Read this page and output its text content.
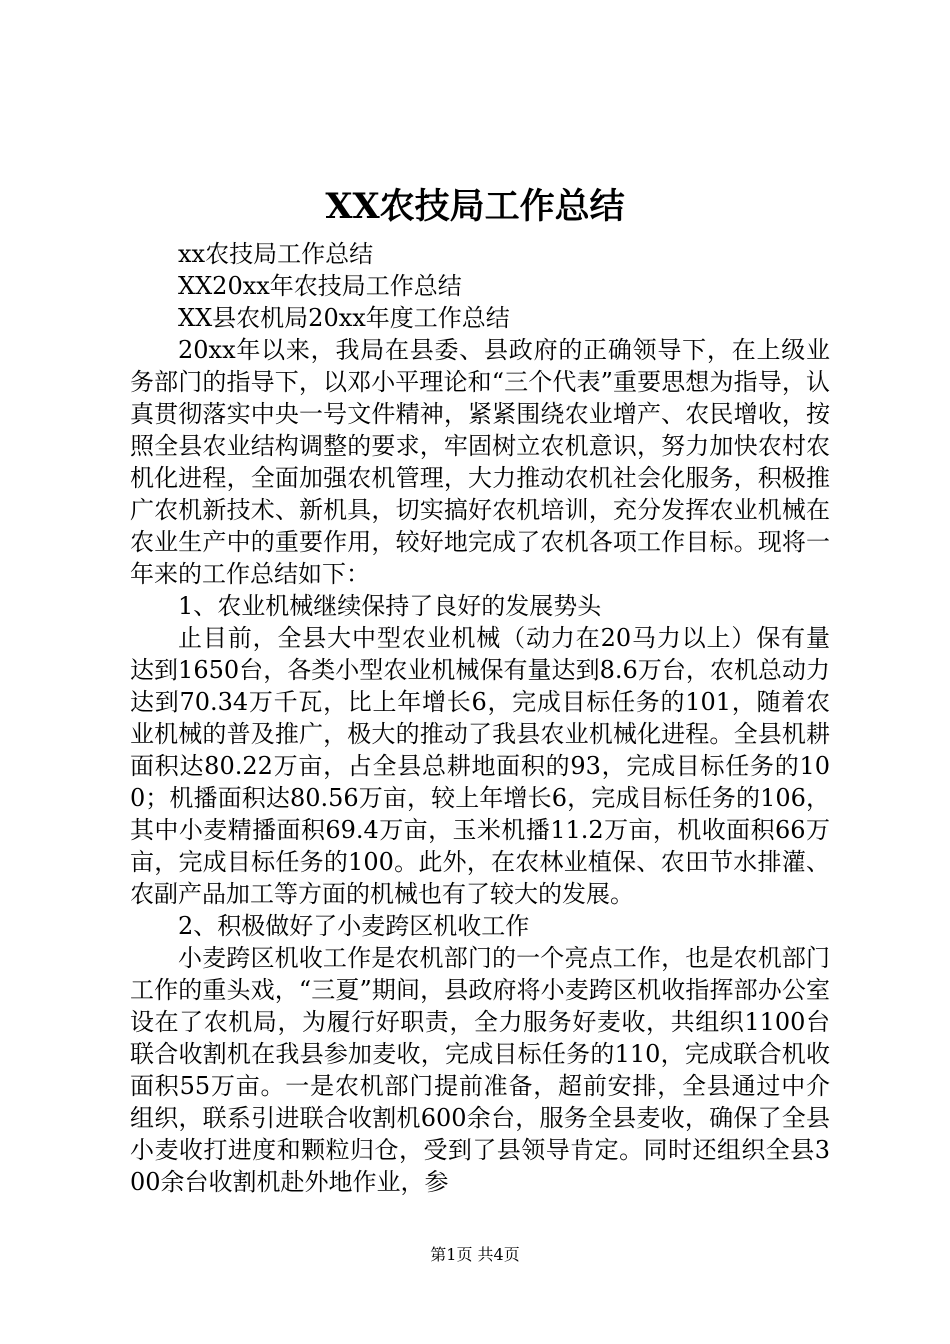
XX农技局工作总结

xx农技局工作总结

XX20xx年农技局工作总结

XX县农机局20xx年度工作总结

20xx年以来，我局在县委、县政府的正确领导下，在上级业务部门的指导下，以邓小平理论和“三个代表”重要思想为指导，认真贯彻落实中央一号文件精神，紧紧围绕农业增产、农民增收，按照全县农业结构调整的要求，牢固树立农机意识，努力加快农村农机化进程，全面加强农机管理，大力推动农机社会化服务，积极推广农机新技术、新机具，切实搞好农机培训，充分发挥农业机械在农业生产中的重要作用，较好地完成了农机各项工作目标。现将一年来的工作总结如下：

1、农业机械继续保持了良好的发展势头

止目前，全县大中型农业机械（动力在20马力以上）保有量达到1650台，各类小型农业机械保有量达到8.6万台，农机总动力达到70.34万千瓦，比上年增长6，完成目标任务的101，随着农业机械的普及推广，极大的推动了我县农业机械化进程。全县机耕面积达80.22万亩，占全县总耕地面积的93，完成目标任务的100；机播面积达80.56万亩，较上年增长6，完成目标任务的106，其中小麦精播面积69.4万亩，玉米机播11.2万亩，机收面积66万亩，完成目标任务的100。此外，在农林业植保、农田节水排灌、农副产品加工等方面的机械也有了较大的发展。

2、积极做好了小麦跨区机收工作

小麦跨区机收工作是农机部门的一个亮点工作，也是农机部门工作的重头戏，“三夏”期间，县政府将小麦跨区机收指挥部办公室设在了农机局，为履行好职责，全力服务好麦收，共组织1100台联合收割机在我县参加麦收，完成目标任务的110，完成联合机收面积55万亩。一是农机部门提前准备，超前安排，全县通过中介组织，联系引进联合收割机600余台，服务全县麦收，确保了全县小麦收打进度和颗粒归仓，受到了县领导肯定。同时还组织全县300余台收割机赴外地作业，参

第1页 共4页
